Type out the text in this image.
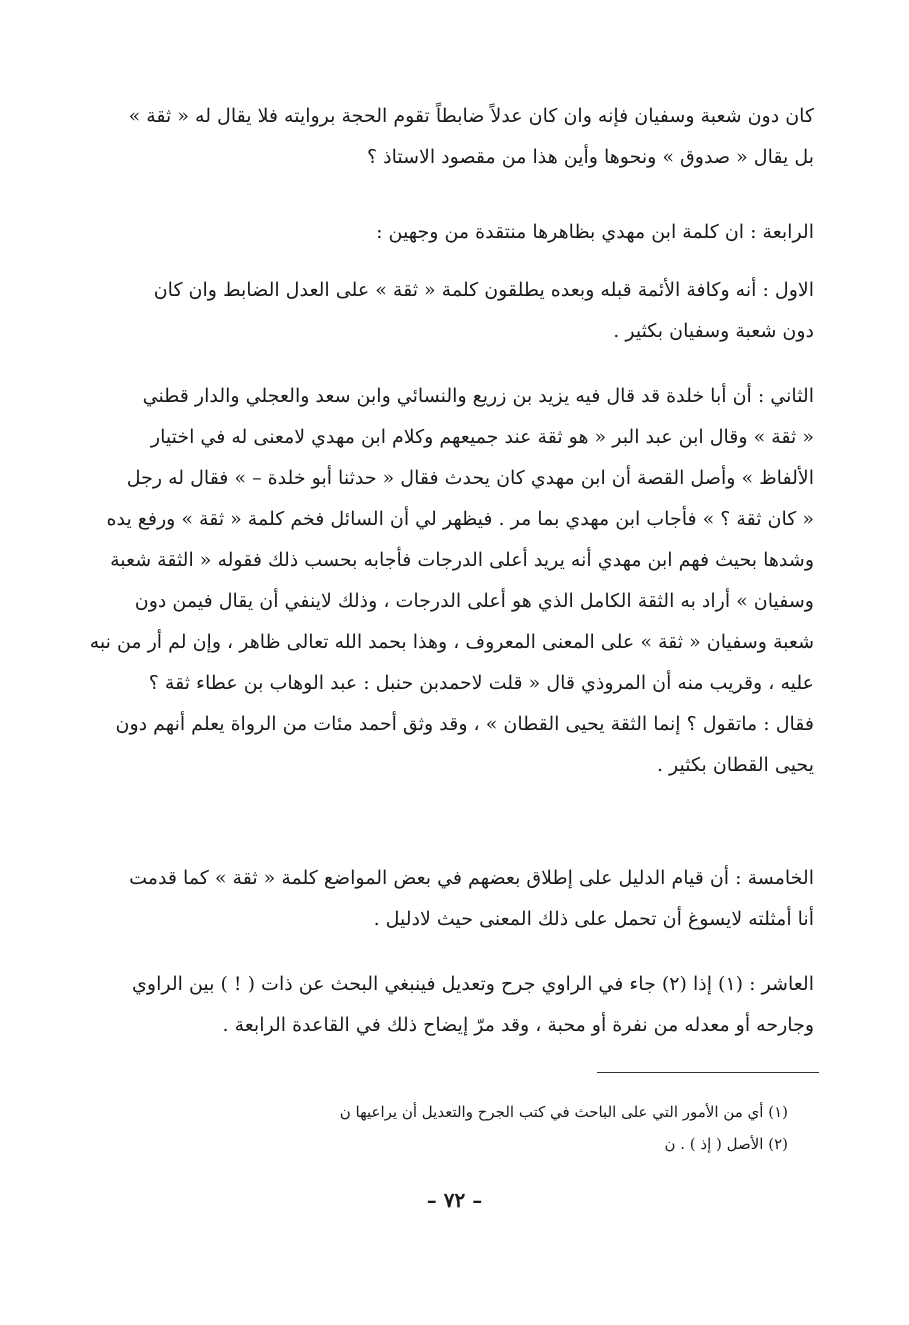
كان دون شعبة وسفيان فإنه وان كان عدلاً ضابطاً تقوم الحجة بروايته فلا يقال له « ثقة »
بل يقال « صدوق » ونحوها وأين هذا من مقصود الاستاذ ؟
الرابعة : ان كلمة ابن مهدي بظاهرها منتقدة من وجهين :
الاول : أنه وكافة الأئمة قبله وبعده يطلقون كلمة « ثقة » على العدل الضابط وان كان
دون شعبة وسفيان بكثير .
الثاني : أن أبا خلدة قد قال فيه يزيد بن زريع والنسائي وابن سعد والعجلي والدار قطني
« ثقة » وقال ابن عبد البر « هو ثقة عند جميعهم وكلام ابن مهدي لامعنى له في اختيار
الألفاظ » وأصل القصة أن ابن مهدي كان يحدث فقال « حدثنا أبو خلدة – » فقال له رجل
« كان ثقة ؟ » فأجاب ابن مهدي بما مر . فيظهر لي أن السائل فخم كلمة « ثقة » ورفع يده
وشدها بحيث فهم ابن مهدي أنه يريد أعلى الدرجات فأجابه بحسب ذلك فقوله « الثقة شعبة
وسفيان » أراد به الثقة الكامل الذي هو أعلى الدرجات ، وذلك لاينفي أن يقال فيمن دون
شعبة وسفيان « ثقة » على المعنى المعروف ، وهذا بحمد الله تعالى ظاهر ، وإن لم أر من نبه
عليه ، وقريب منه أن المروذي قال « قلت لاحمدبن حنبل : عبد الوهاب بن عطاء ثقة ؟
فقال : ماتقول ؟ إنما الثقة يحيى القطان » ، وقد وثق أحمد مئات من الرواة يعلم أنهم دون
يحيى القطان بكثير .
الخامسة : أن قيام الدليل على إطلاق بعضهم في بعض المواضع كلمة « ثقة » كما قدمت
أنا أمثلته لايسوغ أن تحمل على ذلك المعنى حيث لادليل .
العاشر : (١) إذا (٢) جاء في الراوي جرح وتعديل فينبغي البحث عن ذات ( ! ) بين الراوي
وجارحه أو معدله من نفرة أو محبة ، وقد مرّ إيضاح ذلك في القاعدة الرابعة .
(١) أي من الأمور التي على الباحث في كتب الجرح والتعديل أن يراعيها ن
(٢) الأصل ( إذ ) . ن
– ٧٢ –
